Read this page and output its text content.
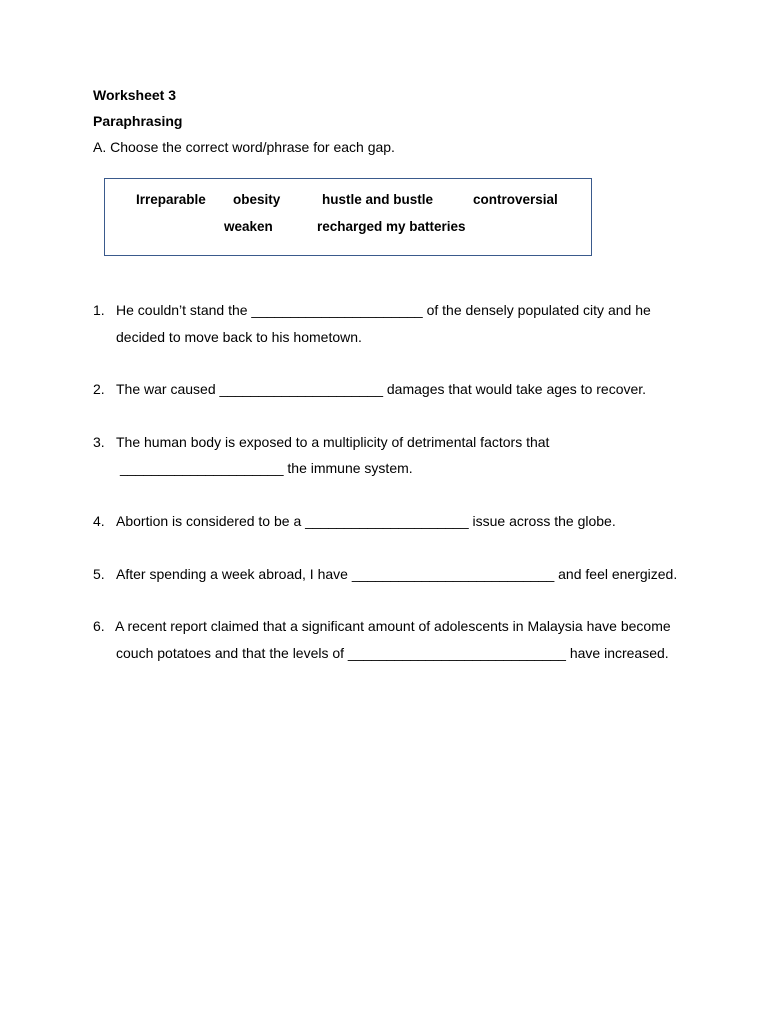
Worksheet 3
Paraphrasing
A. Choose the correct word/phrase for each gap.
Irreparable obesity	hustle and bustle	controversial
weaken	recharged my batteries
1. He couldn’t stand the ______________________ of the densely populated city and he
decided to move back to his hometown.
2. The war caused _____________________ damages that would take ages to recover.
3. The human body is exposed to a multiplicity of detrimental factors that
_____________________ the immune system.
4. Abortion is considered to be a _____________________ issue across the globe.
5. After spending a week abroad, I have __________________________ and feel energized.
6. A recent report claimed that a significant amount of adolescents in Malaysia have become
couch potatoes and that the levels of ____________________________ have increased.
